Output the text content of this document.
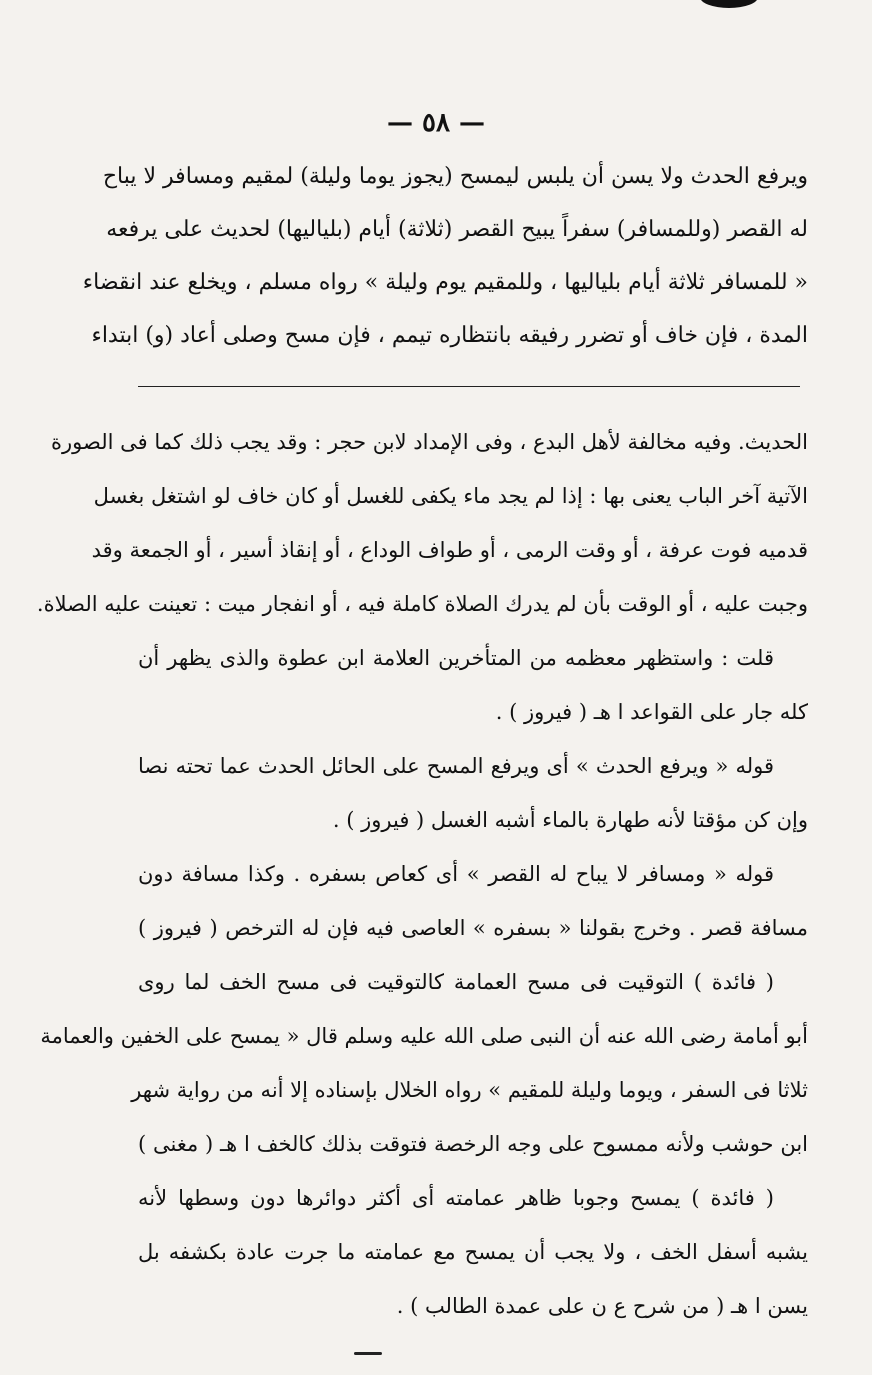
— ٥٨ —
ويرفع الحدث ولا يسن أن يلبس ليمسح (يجوز يوما وليلة) لمقيم ومسافر لا يباح
له القصر (وللمسافر) سفراً يبيح القصر (ثلاثة) أيام (بلياليها) لحديث على يرفعه
« للمسافر ثلاثة أيام بلياليها ، وللمقيم يوم وليلة » رواه مسلم ، ويخلع عند انقضاء
المدة ، فإن خاف أو تضرر رفيقه بانتظاره تيمم ، فإن مسح وصلى أعاد (و) ابتداء
الحديث. وفيه مخالفة لأهل البدع ، وفى الإمداد لابن حجر : وقد يجب ذلك كما فى الصورة
الآتية آخر الباب يعنى بها : إذا لم يجد ماء يكفى للغسل أو كان خاف لو اشتغل بغسل
قدميه فوت عرفة ، أو وقت الرمى ، أو طواف الوداع ، أو إنقاذ أسير ، أو الجمعة وقد
وجبت عليه ، أو الوقت بأن لم يدرك الصلاة كاملة فيه ، أو انفجار ميت : تعينت عليه الصلاة.
قلت : واستظهر معظمه من المتأخرين العلامة ابن عطوة والذى يظهر أن
كله جار على القواعد ا هـ ( فيروز ) .
قوله « ويرفع الحدث » أى ويرفع المسح على الحائل الحدث عما تحته نصا
وإن كن مؤقتا لأنه طهارة بالماء أشبه الغسل ( فيروز ) .
قوله « ومسافر لا يباح له القصر » أى كعاص بسفره . وكذا مسافة دون
مسافة قصر . وخرج بقولنا « بسفره » العاصى فيه فإن له الترخص ( فيروز )
( فائدة ) التوقيت فى مسح العمامة كالتوقيت فى مسح الخف لما روى
أبو أمامة رضى الله عنه أن النبى صلى الله عليه وسلم قال « يمسح على الخفين والعمامة
ثلاثا فى السفر ، ويوما وليلة للمقيم » رواه الخلال بإسناده إلا أنه من رواية شهر
ابن حوشب ولأنه ممسوح على وجه الرخصة فتوقت بذلك كالخف ا هـ ( مغنى )
( فائدة ) يمسح وجوبا ظاهر عمامته أى أكثر دوائرها دون وسطها لأنه
يشبه أسفل الخف ، ولا يجب أن يمسح مع عمامته ما جرت عادة بكشفه بل
يسن ا هـ ( من شرح ع ن على عمدة الطالب ) .
